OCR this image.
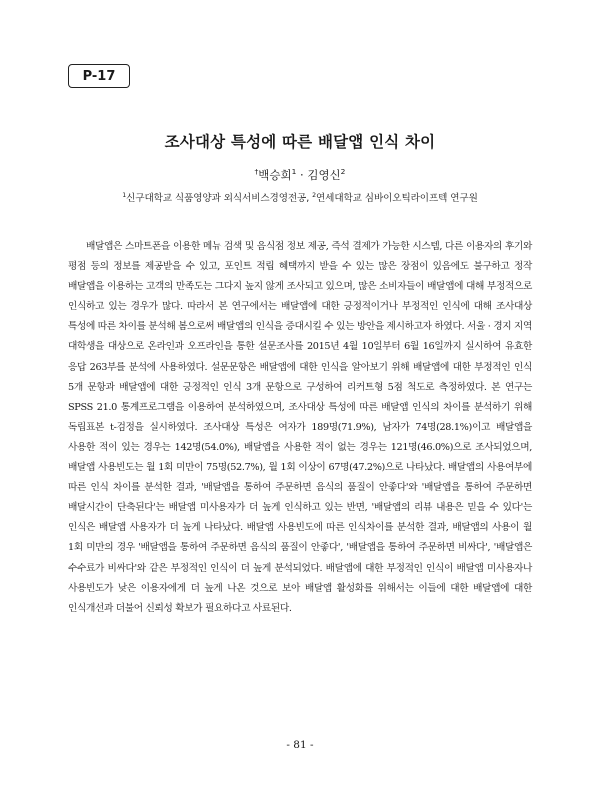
P-17
조사대상 특성에 따른 배달앱 인식 차이
†백승희$^1$ · 김영신$^2$
$^1$신구대학교 식품영양과 외식서비스경영전공, $^2$연세대학교 심바이오틱라이프텍 연구원

배달앱은 스마트폰을 이용한 메뉴 검색 및 음식점 정보 제공, 즉석 결제가 가능한 시스템, 다른 이용자의 후기와 평점 등의 정보를 제공받을 수 있고, 포인트 적립 혜택까지 받을 수 있는 많은 장점이 있음에도 불구하고 정작 배달앱을 이용하는 고객의 만족도는 그다지 높지 않게 조사되고 있으며, 많은 소비자들이 배달앱에 대해 부정적으로 인식하고 있는 경우가 많다. 따라서 본 연구에서는 배달앱에 대한 긍정적이거나 부정적인 인식에 대해 조사대상 특성에 따른 차이를 분석해 봄으로써 배달앱의 인식을 증대시킬 수 있는 방안을 제시하고자 하였다. 서울 · 경지 지역 대학생을 대상으로 온라인과 오프라인을 통한 설문조사를 2015년 4월 10일부터 6월 16일까지 실시하여 유효한 응답 263부를 분석에 사용하였다. 설문문항은 배달앱에 대한 인식을 알아보기 위해 배달앱에 대한 부정적인 인식 5개 문항과 배달앱에 대한 긍정적인 인식 3개 문항으로 구성하여 리커트형 5점 척도로 측정하였다. 본 연구는 SPSS 21.0 통계프로그램을 이용하여 분석하였으며, 조사대상 특성에 따른 배달앱 인식의 차이를 분석하기 위해 독립표본 t-검정을 실시하였다. 조사대상 특성은 여자가 189명(71.9%), 남자가 74명(28.1%)이고 배달앱을 사용한 적이 있는 경우는 142명(54.0%), 배달앱을 사용한 적이 없는 경우는 121명(46.0%)으로 조사되었으며, 배달앱 사용빈도는 월 1회 미만이 75명(52.7%), 월 1회 이상이 67명(47.2%)으로 나타났다. 배달앱의 사용여부에 따른 인식 차이를 분석한 결과, '배달앱을 통하여 주문하면 음식의 품질이 안좋다'와 '배달앱을 통하여 주문하면 배달시간이 단축된다'는 배달앱 미사용자가 더 높게 인식하고 있는 반면, '배달앱의 리뷰 내용은 믿을 수 있다'는 인식은 배달앱 사용자가 더 높게 나타났다. 배달앱 사용빈도에 따른 인식차이를 분석한 결과, 배달앱의 사용이 월 1회 미만의 경우 '배달앱을 통하여 주문하면 음식의 품질이 안좋다', '배달앱을 통하여 주문하면 비싸다', '배달앱은 수수료가 비싸다'와 같은 부정적인 인식이 더 높게 분석되었다. 배달앱에 대한 부정적인 인식이 배달앱 미사용자나 사용빈도가 낮은 이용자에게 더 높게 나온 것으로 보아 배달앱 활성화를 위해서는 이들에 대한 배달앱에 대한 인식개선과 더불어 신뢰성 확보가 필요하다고 사료된다.

- 81 -
